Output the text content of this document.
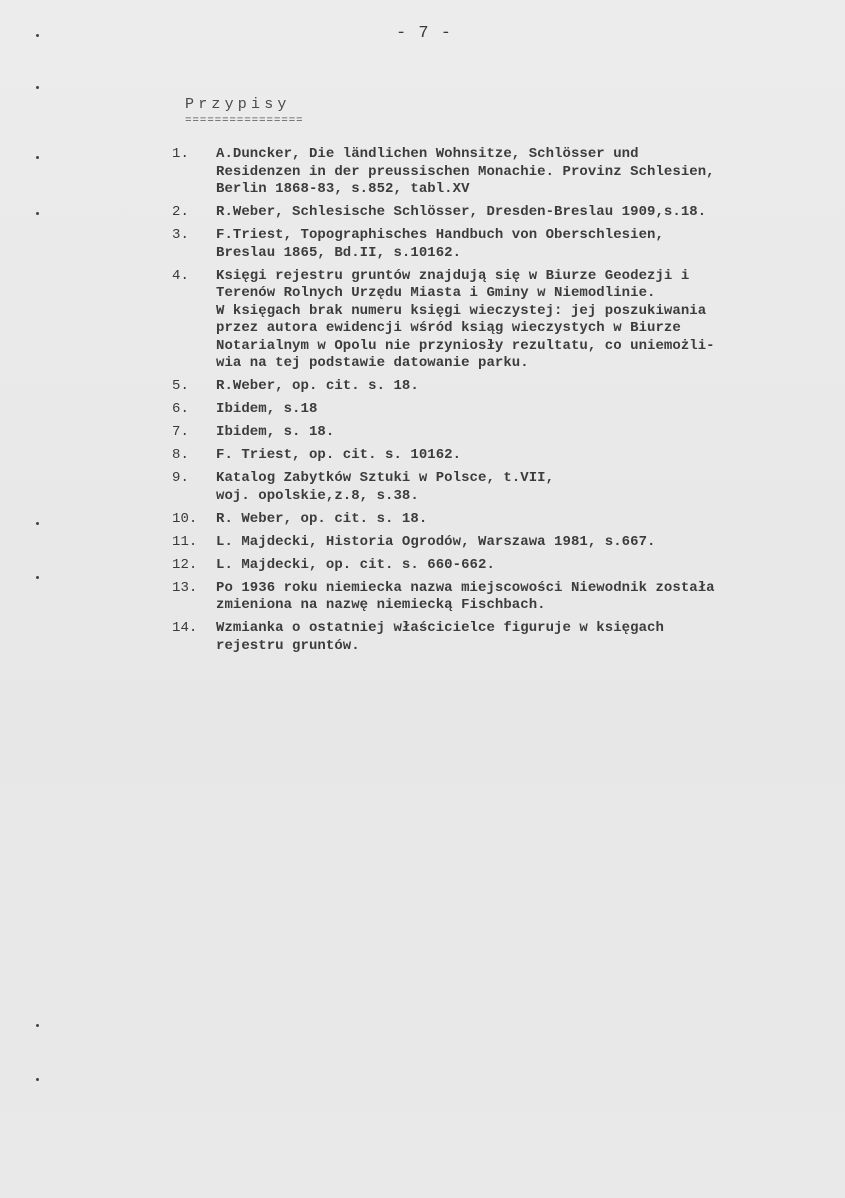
- 7 -
Przypisy
================
1.	A.Duncker, Die ländlichen Wohnsitze, Schlösser und
Residenzen in der preussischen Monachie. Provinz Schlesien,
Berlin 1868-83, s.852, tabl.XV
2.	R.Weber, Schlesische Schlösser, Dresden-Breslau 1909,s.18.
3.	F.Triest, Topographisches Handbuch von Oberschlesien,
Breslau 1865, Bd.II, s.10162.
4.	Księgi rejestru gruntów znajdują się w Biurze Geodezji i
Terenów Rolnych Urzędu Miasta i Gminy w Niemodlinie.
W księgach brak numeru księgi wieczystej: jej poszukiwania
przez autora ewidencji wśród ksiąg wieczystych w Biurze
Notarialnym w Opolu nie przyniosły rezultatu, co uniemożli-
wia na tej podstawie datowanie parku.
5.	R.Weber, op. cit. s. 18.
6.	Ibidem, s.18
7.	Ibidem, s. 18.
8.	F. Triest, op. cit. s. 10162.
9.	Katalog Zabytków Sztuki w Polsce, t.VII,
woj. opolskie,z.8, s.38.
10.	R. Weber, op. cit. s. 18.
11.	L. Majdecki, Historia Ogrodów, Warszawa 1981, s.667.
12.	L. Majdecki, op. cit. s. 660-662.
13.	Po 1936 roku niemiecka nazwa miejscowości Niewodnik została
zmieniona na nazwę niemiecką Fischbach.
14.	Wzmianka o ostatniej właścicielce figuruje w księgach
rejestru gruntów.
